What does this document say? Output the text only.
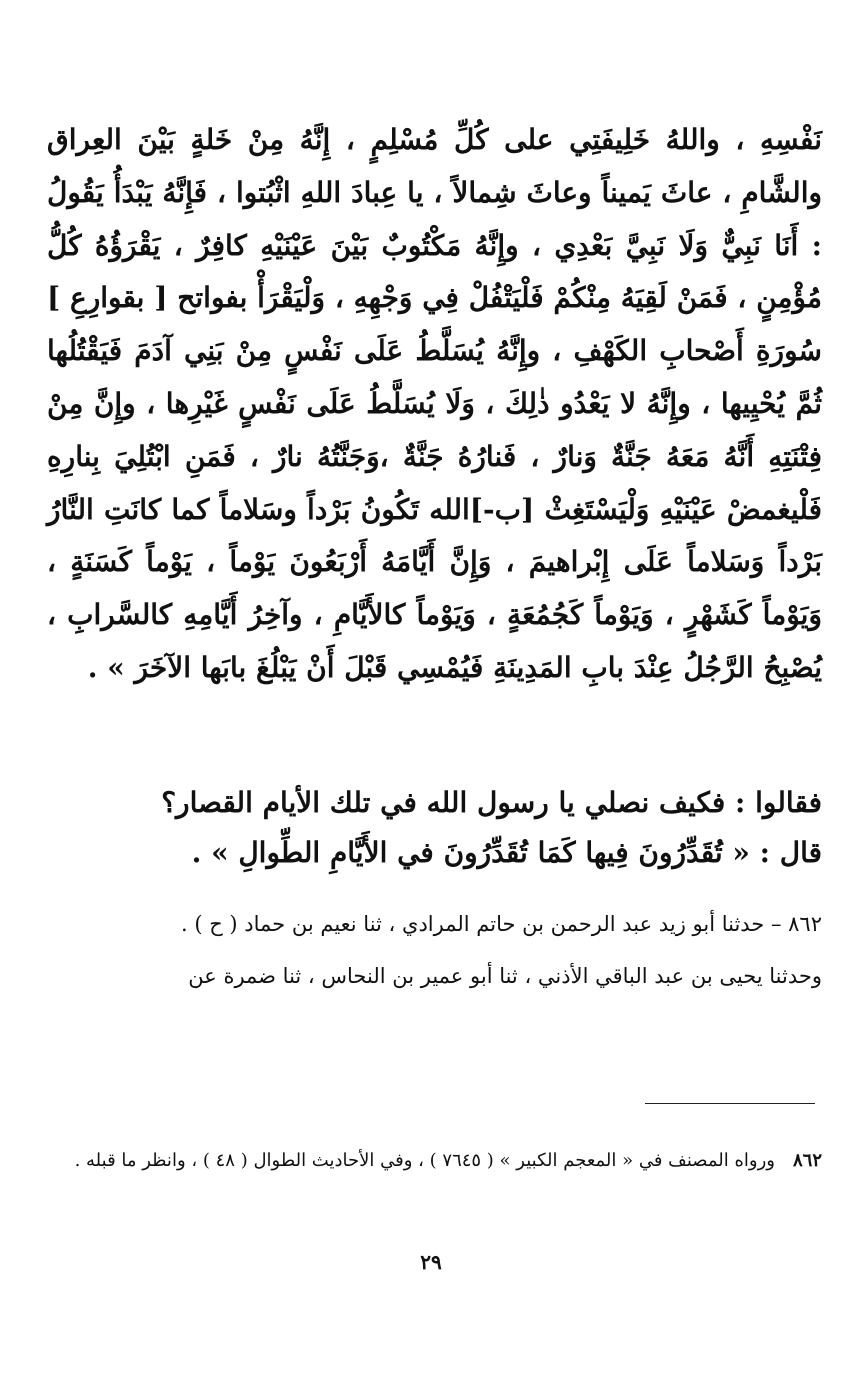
نَفْسِهِ ، واللهُ خَلِيفَتِي على كُلِّ مُسْلِمٍ ، إِنَّهُ مِنْ خَلةٍ بَيْنَ العِراق والشَّامِ ، عاثَ يَميناً وعاثَ شِمالاً ، يا عِبادَ اللهِ اثْبُتوا ، فَإِنَّهُ يَبْدَأُ يَقُولُ : أَنَا نَبِيٌّ وَلَا نَبِيَّ بَعْدِي ، وإِنَّهُ مَكْتُوبٌ بَيْنَ عَيْنَيْهِ كافِرٌ ، يَقْرَؤُهُ كُلُّ مُؤْمِنٍ ، فَمَنْ لَقِيَهُ مِنْكُمْ فَلْيَتْفُلْ فِي وَجْهِهِ ، وَلْيَقْرَأْ بفواتح [ بقوارِعِ ] سُورَةِ أَصْحابِ الكَهْفِ ، وإِنَّهُ يُسَلَّطُ عَلَى نَفْسٍ مِنْ بَنِي آدَمَ فَيَقْتُلُها ثُمَّ يُحْيِيها ، وإِنَّهُ لا يَعْدُو ذٰلِكَ ، وَلَا يُسَلَّطُ عَلَى نَفْسٍ غَيْرِها ، وإِنَّ مِنْ فِتْنَتِهِ أَنَّهُ مَعَهُ جَنَّةٌ وَنارٌ ، فَنارُهُ جَنَّةٌ ،وَجَنَّتُهُ نارٌ ، فَمَنِ ابْتُلِيَ بِنارِهِ فَلْيغمضْ عَيْنَيْهِ وَلْيَسْتَغِثْ [ب-]الله تَكُونُ بَرْداً وسَلاماً كما كانَتِ النَّارُ بَرْداً وَسَلاماً عَلَى إِبْراهيمَ ، وَإِنَّ أَيَّامَهُ أَرْبَعُونَ يَوْماً ، يَوْماً كَسَنَةٍ ، وَيَوْماً كَشَهْرٍ ، وَيَوْماً كَجُمُعَةٍ ، وَيَوْماً كالأَيَّامِ ، وآخِرُ أَيَّامِهِ كالسَّرابِ ، يُصْبِحُ الرَّجُلُ عِنْدَ بابِ المَدِينَةِ فَيُمْسِي قَبْلَ أَنْ يَبْلُغَ بابَها الآخَرَ » .

فقالوا : فكيف نصلي يا رسول الله في تلك الأيام القصار؟

قال : « تُقَدِّرُونَ فِيها كَمَا تُقَدِّرُونَ في الأَيَّامِ الطِّوالِ » .

٨٦٢ – حدثنا أبو زيد عبد الرحمن بن حاتم المرادي ، ثنا نعيم بن حماد ( ح ) .

وحدثنا يحيى بن عبد الباقي الأذني ، ثنا أبو عمير بن النحاس ، ثنا ضمرة عن

٨٦٢ورواه المصنف في « المعجم الكبير » ( ٧٦٤٥ ) ، وفي الأحاديث الطوال ( ٤٨ ) ، وانظر ما قبله .

٢٩
